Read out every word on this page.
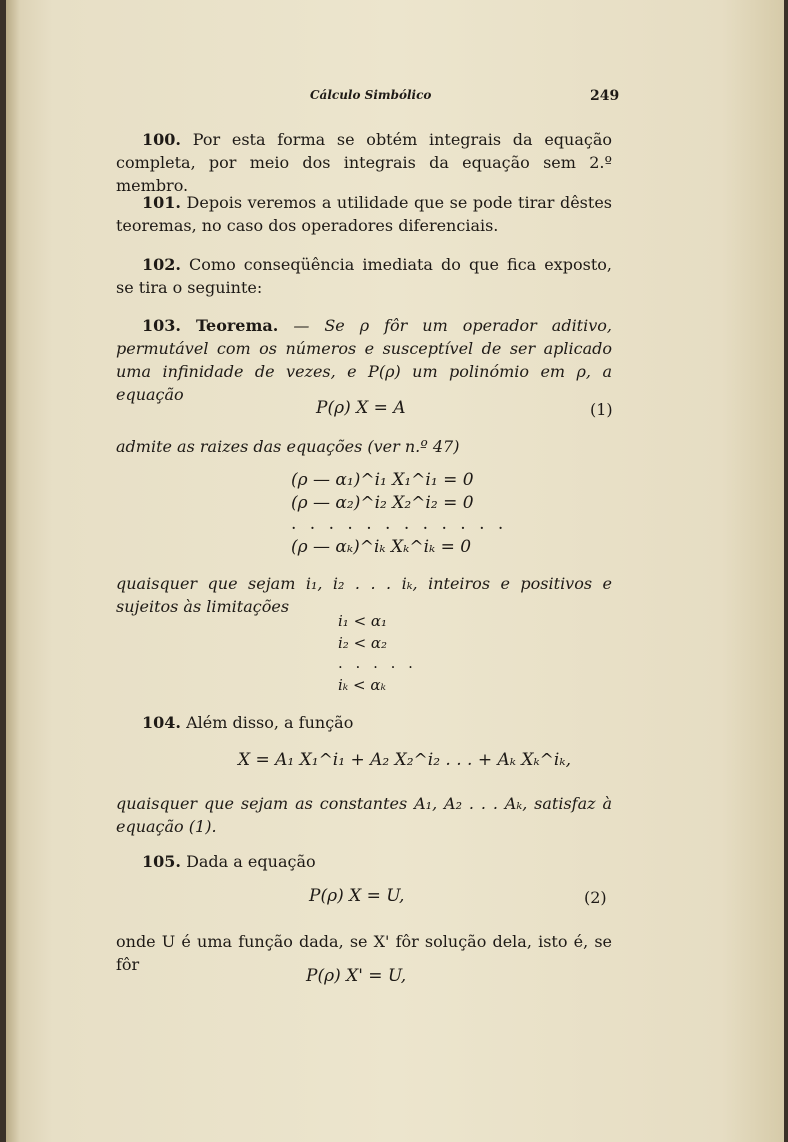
Cálculo Simbólico	249
100. Por esta forma se obtém integrais da equação completa, por meio dos integrais da equação sem 2.º membro.
101. Depois veremos a utilidade que se pode tirar dêstes teoremas, no caso dos operadores diferenciais.
102. Como conseqüência imediata do que fica exposto, se tira o seguinte:
103. Teorema. — Se ρ fôr um operador aditivo, permutável com os números e susceptível de ser aplicado uma infinidade de vezes, e P(ρ) um polinómio em ρ, a equação
P(ρ) X = A	(1)
admite as raizes das equações (ver n.º 47)
(ρ — α₁)^i₁ X₁^i₁ = 0
(ρ — α₂)^i₂ X₂^i₂ = 0
. . . . . . . . . . . .
(ρ — αₖ)^iₖ Xₖ^iₖ = 0
quaisquer que sejam i₁, i₂ . . . iₖ, inteiros e positivos e sujeitos às limitações
i₁ < α₁
i₂ < α₂
. . . . .
iₖ < αₖ
104. Além disso, a função
X = A₁ X₁^i₁ + A₂ X₂^i₂ . . . + Aₖ Xₖ^iₖ,
quaisquer que sejam as constantes A₁, A₂ . . . Aₖ, satisfaz à equação (1).
105. Dada a equação
P(ρ) X = U,	(2)
onde U é uma função dada, se X' fôr solução dela, isto é, se fôr
P(ρ) X' = U,
